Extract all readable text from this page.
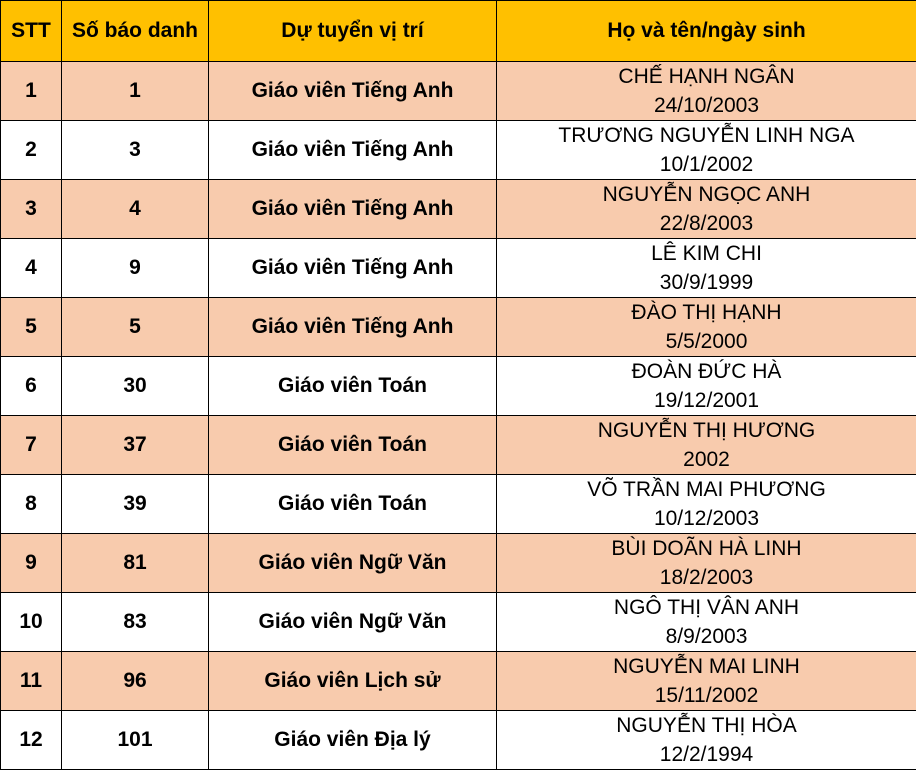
STT	Số báo danh	Dự tuyển vị trí	Họ và tên/ngày sinh
1	1	Giáo viên Tiếng Anh	CHẾ HẠNH NGÂN
24/10/2003

2	3	Giáo viên Tiếng Anh	TRƯƠNG NGUYỄN LINH NGA
10/1/2002

3	4	Giáo viên Tiếng Anh	NGUYỄN NGỌC ANH
22/8/2003

4	9	Giáo viên Tiếng Anh	LÊ KIM CHI
30/9/1999

5	5	Giáo viên Tiếng Anh	ĐÀO THỊ HẠNH
5/5/2000

6	30	Giáo viên Toán	ĐOÀN ĐỨC HÀ
19/12/2001

7	37	Giáo viên Toán	NGUYỄN THỊ HƯƠNG
2002

8	39	Giáo viên Toán	VÕ TRẦN MAI PHƯƠNG
10/12/2003

9	81	Giáo viên Ngữ Văn	BÙI DOÃN HÀ LINH
18/2/2003

10	83	Giáo viên Ngữ Văn	NGÔ THỊ VÂN ANH
8/9/2003

11	96	Giáo viên Lịch sử	NGUYỄN MAI LINH
15/11/2002

12	101	Giáo viên Địa lý	NGUYỄN THỊ HÒA
12/2/1994
